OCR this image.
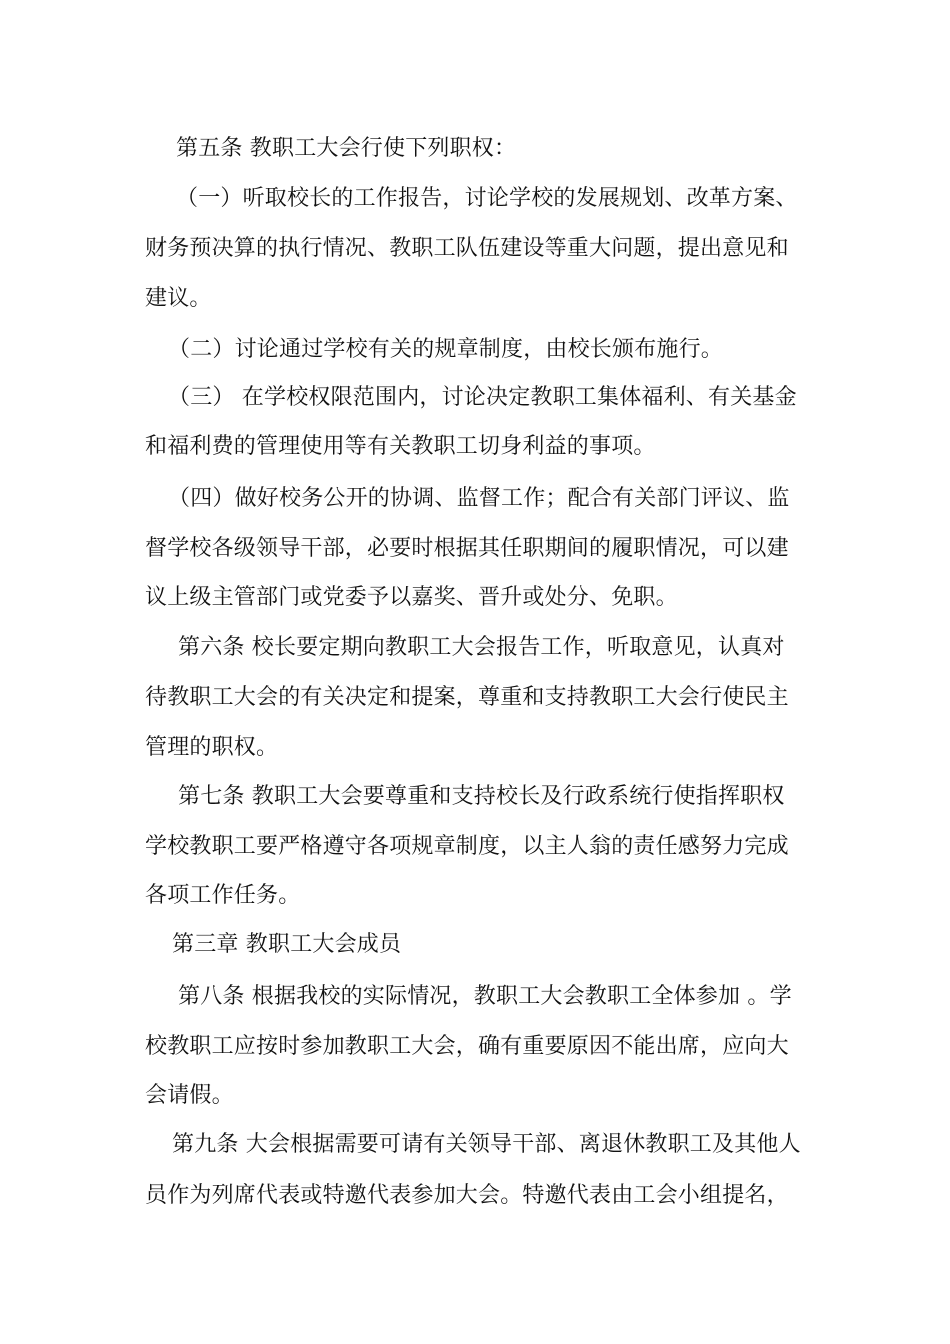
第五条 教职工大会行使下列职权：
（一）听取校长的工作报告，讨论学校的发展规划、改革方案、
财务预决算的执行情况、教职工队伍建设等重大问题，提出意见和
建议。
（二）讨论通过学校有关的规章制度，由校长颁布施行。
（三） 在学校权限范围内，讨论决定教职工集体福利、有关基金
和福利费的管理使用等有关教职工切身利益的事项。
（四）做好校务公开的协调、监督工作；配合有关部门评议、监
督学校各级领导干部，必要时根据其任职期间的履职情况，可以建
议上级主管部门或党委予以嘉奖、晋升或处分、免职。
第六条 校长要定期向教职工大会报告工作，听取意见，认真对
待教职工大会的有关决定和提案，尊重和支持教职工大会行使民主
管理的职权。
第七条 教职工大会要尊重和支持校长及行政系统行使指挥职权
学校教职工要严格遵守各项规章制度，以主人翁的责任感努力完成
各项工作任务。
第三章 教职工大会成员
第八条 根据我校的实际情况，教职工大会教职工全体参加 。学
校教职工应按时参加教职工大会，确有重要原因不能出席，应向大
会请假。
第九条 大会根据需要可请有关领导干部、离退休教职工及其他人
员作为列席代表或特邀代表参加大会。特邀代表由工会小组提名，
